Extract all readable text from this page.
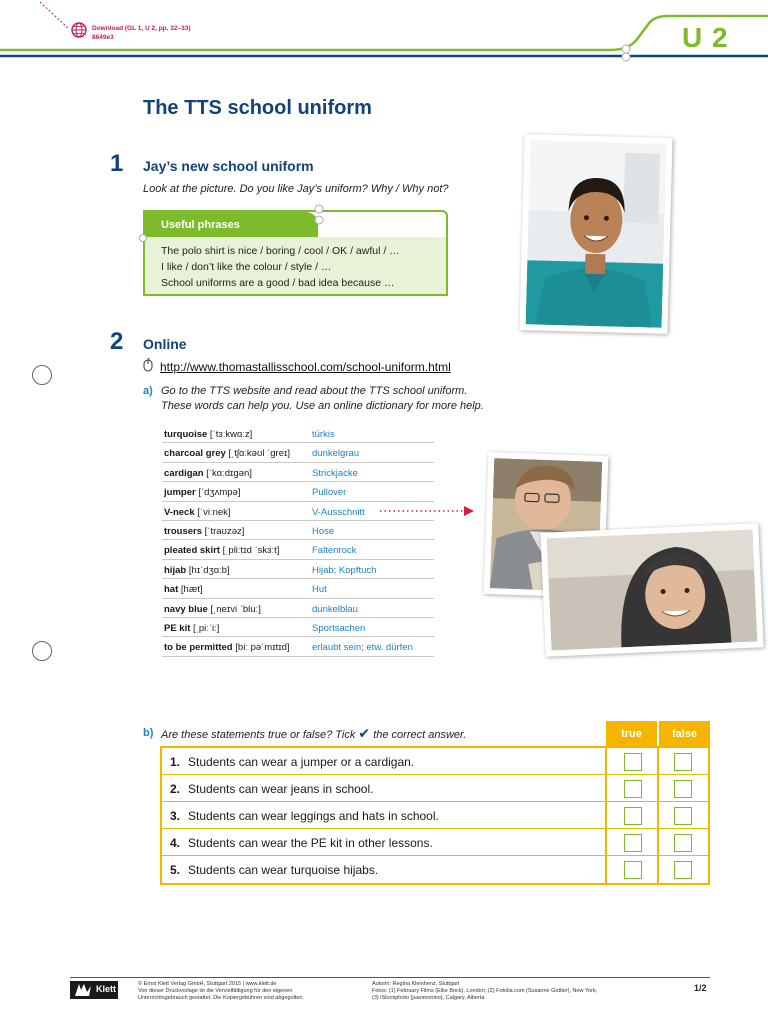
Download (GL 1, U 2, pp. 32–33)
8649e3	U 2
The TTS school uniform
1 Jay’s new school uniform
Look at the picture. Do you like Jay’s uniform? Why / Why not?
Useful phrases
The polo shirt is nice / boring / cool / OK / awful / …
I like / don’t like the colour / style / …
School uniforms are a good / bad idea because …
2 Online
http://www.thomastallisschool.com/school-uniform.html
a) Go to the TTS website and read about the TTS school uniform.
These words can help you. Use an online dictionary for more help.
turquoise [ˈtɜːkwɑːz]	türkis
charcoal grey [ˌtʃɑːkəʊl ˈɡreɪ] dunkelgrau
cardigan [ˈkɑːdɪɡən]	Strickjacke
jumper [ˈdʒʌmpə]	Pullover
V-neck [ˈviːnek]	V-Ausschnitt
trousers [ˈtraʊzəz]	Hose
pleated skirt [ˌpliːtɪd ˈskɜːt]	Faltenrock
hijab [hɪˈdʒɑːb]	Hijab; Kopftuch
hat [hæt]	Hut
navy blue [ˌneɪvi ˈbluː]	dunkelblau
PE kit [ˌpiːˈiː]	Sportsachen
to be permitted [biː pəˈmɪtɪd] erlaubt sein; etw. dürfen
b) Are these statements true or false? Tick ✔ the correct answer.	true	false
1. Students can wear a jumper or a cardigan.
2. Students can wear jeans in school.
3. Students can wear leggings and hats in school.
4. Students can wear the PE kit in other lessons.
5. Students can wear turquoise hijabs.
Klett	© Ernst Klett Verlag GmbH, Stuttgart 2015 | www.klett.de
Von dieser Druckvorlage ist die Vervielfältigung für den eigenen
Unterrichtsgebrauch gestattet. Die Kopiergebühren sind abgegolten.
Autorin: Regina Kleinhenz, Stuttgart
Fotos: (1) February Films (Elke Bock), London; (2) Fotolia.com (Susanne Güttler), New York,
(3) iStockphoto (juanmonino), Calgary, Alberta
1/2
